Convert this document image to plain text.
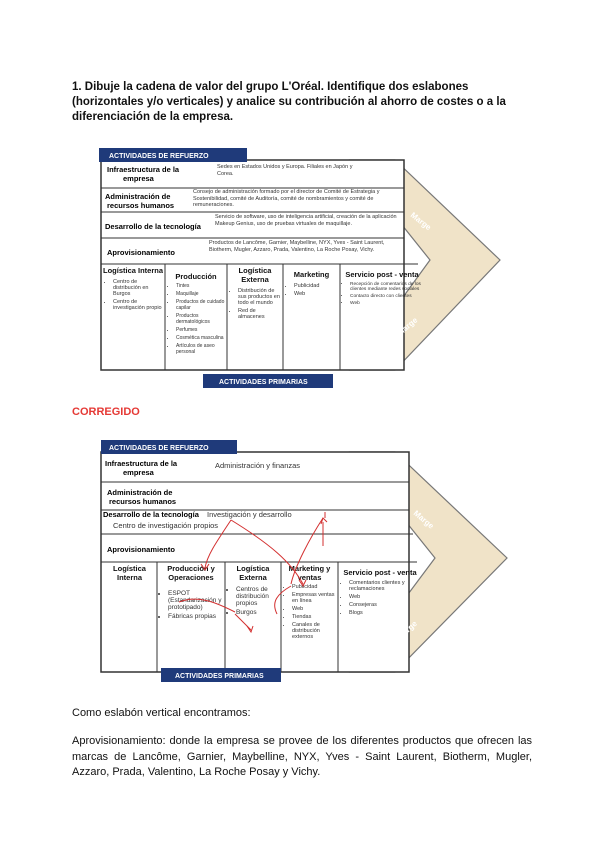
1. Dibuje la cadena de valor del grupo L'Oréal. Identifique dos eslabones (horizontales y/o verticales) y analice su contribución al ahorro de costes o a la diferenciación de la empresa.

ACTIVIDADES DE REFUERZO
ACTIVIDADES PRIMARIAS
Marge
Marge
Infraestructura de la empresa
Administración de recursos humanos
Desarrollo de la tecnología
Aprovisionamiento
Sedes en Estados Unidos y Europa. Filiales en Japón y Corea.
Consejo de administración formado por el director de Comité de Estrategia y Sostenibilidad, comité de Auditoría, comité de nombramientos y comité de remuneraciones.
Servicio de software, uso de inteligencia artificial, creación de la aplicación Makeup Genius, uso de pruebas virtuales de maquillaje.
Productos de Lancôme, Garnier, Maybelline, NYX, Yves - Saint Laurent, Biotherm, Mugler, Azzaro, Prada, Valentino, La Roche Posay, Vichy.
Logística Interna
• Centro de distribución en Burgos
• Centro de investigación propio
Producción
• Tintes
• Maquillaje
• Productos de cuidado capilar
• Productos dermatológicos
• Perfumes
• Cosmética masculina
• Artículos de aseo personal
Logística Externa
• Distribución de sus productos en todo el mundo
• Red de almacenes
Marketing
• Publicidad
• Web
Servicio post - venta
• Recepción de comentarios de los clientes mediante redes sociales
• Contacto directo con clientes
• Web

CORREGIDO

ACTIVIDADES DE REFUERZO
ACTIVIDADES PRIMARIAS
Marge
Marge
Infraestructura de la empresa
Administración de recursos humanos
Desarrollo de la tecnología
Aprovisionamiento
Administración y finanzas
Investigación y desarrollo
Centro de investigación propios
Logística Interna
Producción y Operaciones
• ESPOT (Estandarización y prototipado)
• Fábricas propias
Logística Externa
• Centros de distribución propios
• Burgos
Marketing y ventas
• Publicidad
• Empresas ventas en línea
• Web
• Tiendas
• Canales de distribución externos
Servicio post - venta
• Comentarios clientes y reclamaciones
• Web
• Consejeras
• Blogs

Como eslabón vertical encontramos:

Aprovisionamiento: donde la empresa se provee de los diferentes productos que ofrecen las marcas de Lancôme, Garnier, Maybelline, NYX, Yves - Saint Laurent, Biotherm, Mugler, Azzaro, Prada, Valentino, La Roche Posay y Vichy.
